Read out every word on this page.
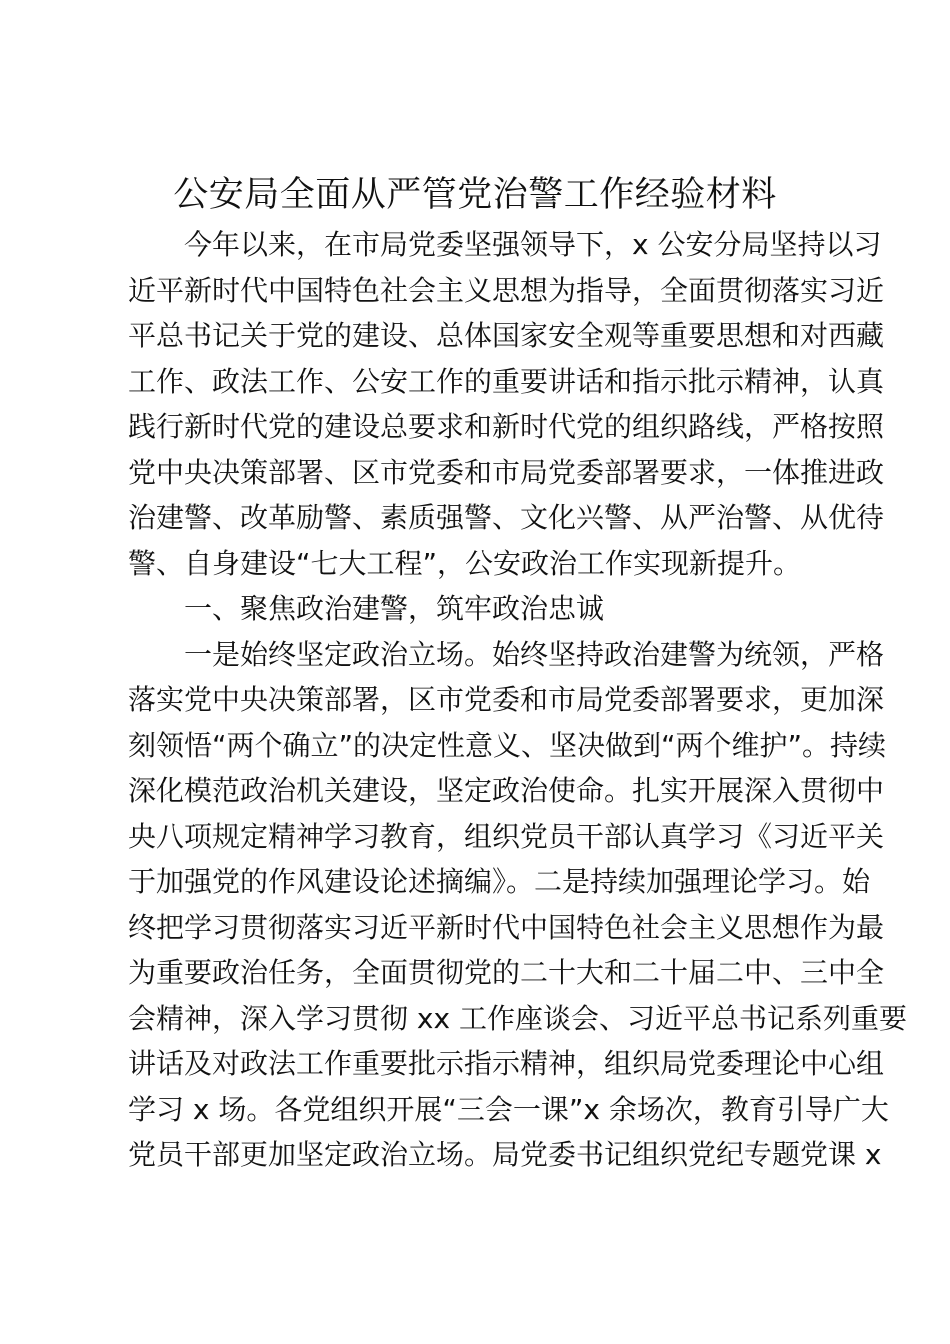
公安局全面从严管党治警工作经验材料
今年以来，在市局党委坚强领导下，x 公安分局坚持以习
近平新时代中国特色社会主义思想为指导，全面贯彻落实习近
平总书记关于党的建设、总体国家安全观等重要思想和对西藏
工作、政法工作、公安工作的重要讲话和指示批示精神，认真
践行新时代党的建设总要求和新时代党的组织路线，严格按照
党中央决策部署、区市党委和市局党委部署要求，一体推进政
治建警、改革励警、素质强警、文化兴警、从严治警、从优待
警、自身建设“七大工程”，公安政治工作实现新提升。
一、聚焦政治建警，筑牢政治忠诚
一是始终坚定政治立场。始终坚持政治建警为统领，严格
落实党中央决策部署，区市党委和市局党委部署要求，更加深
刻领悟“两个确立”的决定性意义、坚决做到“两个维护”。持续
深化模范政治机关建设，坚定政治使命。扎实开展深入贯彻中
央八项规定精神学习教育，组织党员干部认真学习《习近平关
于加强党的作风建设论述摘编》。二是持续加强理论学习。始
终把学习贯彻落实习近平新时代中国特色社会主义思想作为最
为重要政治任务，全面贯彻党的二十大和二十届二中、三中全
会精神，深入学习贯彻 xx 工作座谈会、习近平总书记系列重要
讲话及对政法工作重要批示指示精神，组织局党委理论中心组
学习 x 场。各党组织开展“三会一课”x 余场次，教育引导广大
党员干部更加坚定政治立场。局党委书记组织党纪专题党课 x
